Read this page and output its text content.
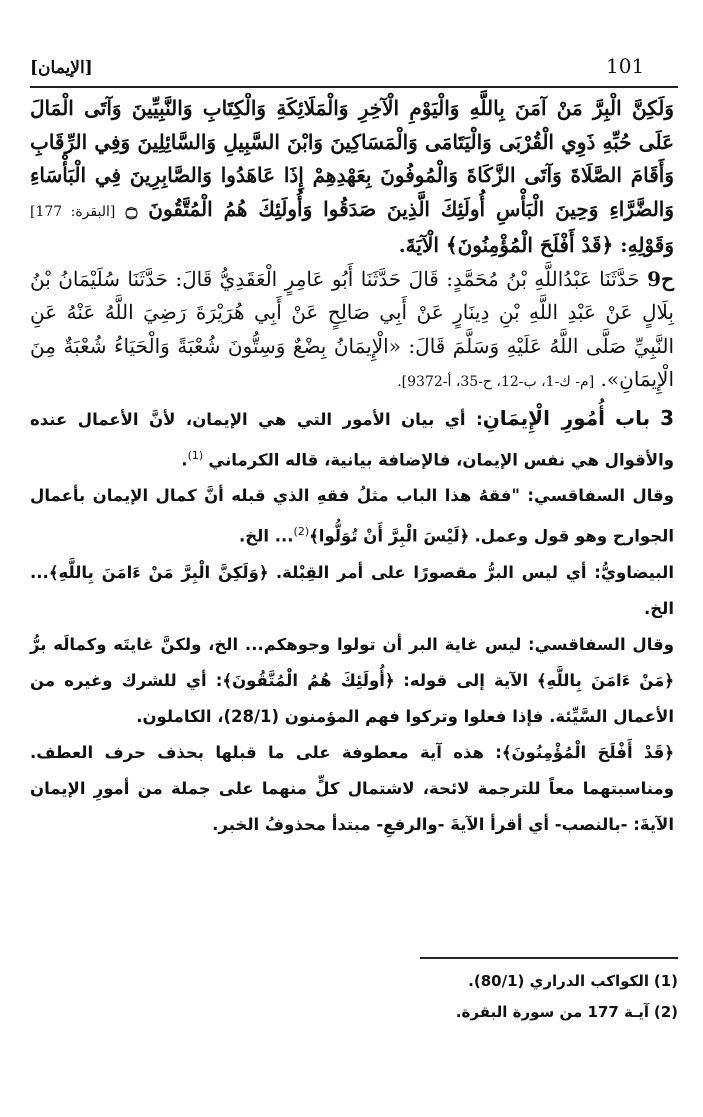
101
[الإيمان]

وَلَكِنَّ الْبِرَّ مَنْ آمَنَ بِاللَّهِ وَالْيَوْمِ الْآخِرِ وَالْمَلَائِكَةِ وَالْكِتَابِ وَالنَّبِيِّينَ وَآتَى الْمَالَ عَلَى حُبِّهِ ذَوِي الْقُرْبَى وَالْيَتَامَى وَالْمَسَاكِينَ وَابْنَ السَّبِيلِ وَالسَّائِلِينَ وَفِي الرِّقَابِ وَأَقَامَ الصَّلَاةَ وَآتَى الزَّكَاةَ وَالْمُوفُونَ بِعَهْدِهِمْ إِذَا عَاهَدُوا وَالصَّابِرِينَ فِي الْبَأْسَاءِ وَالضَّرَّاءِ وَحِينَ الْبَأْسِ أُولَئِكَ الَّذِينَ صَدَقُوا وَأُولَئِكَ هُمُ الْمُتَّقُونَ ۝ [البقرة: 177] وَقَوْلِهِ: ﴿قَدْ أَفْلَحَ الْمُؤْمِنُونَ﴾ الْآيَةَ.

ح9 حَدَّثَنَا عَبْدُاللَّهِ بْنُ مُحَمَّدٍ: قَالَ حَدَّثَنَا أَبُو عَامِرٍ الْعَقَدِيُّ قَالَ: حَدَّثَنَا سُلَيْمَانُ بْنُ بِلَالٍ عَنْ عَبْدِ اللَّهِ بْنِ دِينَارٍ عَنْ أَبِي صَالِحٍ عَنْ أَبِي هُرَيْرَةَ رَضِيَ اللَّهُ عَنْهُ عَنِ النَّبِيِّ صَلَّى اللَّهُ عَلَيْهِ وَسَلَّمَ قَالَ: «الْإِيمَانُ بِضْعٌ وَسِتُّونَ شُعْبَةً وَالْحَيَاءُ شُعْبَةٌ مِنَ الْإِيمَانِ». [م- ك-1، ب-12، ح-35، أ-9372].

3 باب أُمُورِ الْإِيمَانِ: أي بيان الأمور التي هي الإيمان، لأنَّ الأعمال عنده والأقوال هي نفس الإيمان، فالإضافة بيانية، قاله الكرماني $^{(1)}$.

وقال السفاقسي: "فقهُ هذا الباب مثلُ فقهِ الذي قبله أنَّ كمال الإيمان بأعمال الجوارح وهو قول وعمل. ﴿لَيْسَ الْبِرَّ أَنْ تُوَلُّوا﴾$^{(2)}$... الخ.

البيضاويُّ: أي ليس البرُّ مقصورًا على أمر القِبْلة. ﴿وَلَكِنَّ الْبِرَّ مَنْ ءَامَنَ بِاللَّهِ﴾... الخ.

وقال السفاقسي: ليس غاية البر أن تولوا وجوهكم... الخ، ولكنَّ غايتَه وكمالَه برُّ ﴿مَنْ ءَامَنَ بِاللَّهِ﴾ الآية إلى قوله: ﴿أُولَئِكَ هُمُ الْمُتَّقُونَ﴾: أي للشرك وغيره من الأعمال السَّيِّئة. فإذا فعلوا وتركوا فهم المؤمنون (28/1)، الكاملون.

﴿قَدْ أَفْلَحَ الْمُؤْمِنُونَ﴾: هذه آية معطوفة على ما قبلها بحذف حرف العطف. ومناسبتهما معاً للترجمة لائحة، لاشتمال كلٍّ منهما على جملة من أمورِ الإيمان الآيةَ: -بالنصب- أي أقرأ الآيةَ -والرفعِ- مبتدأ محذوفُ الخبر.

(1) الكواكب الدراري (80/1).
(2) آيـة 177 من سورة البقرة.
